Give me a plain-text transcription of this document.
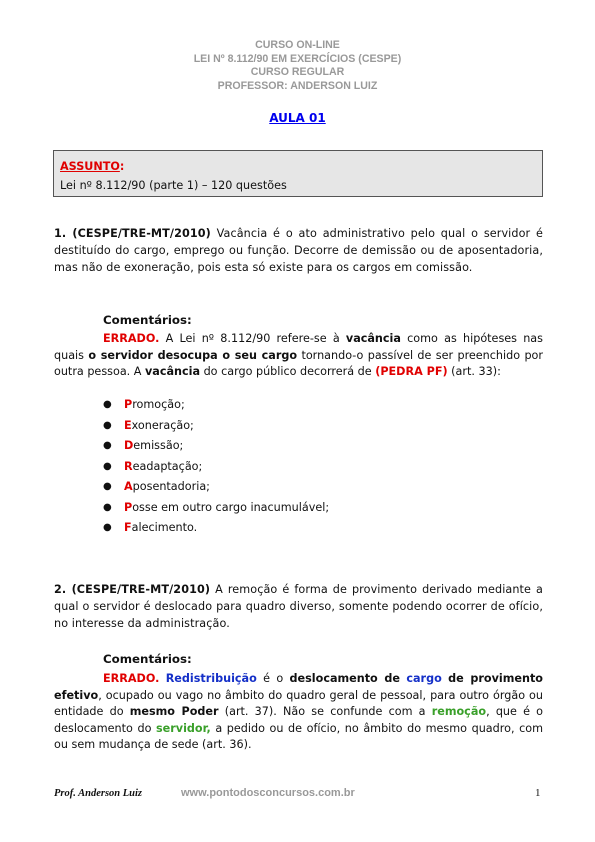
CURSO ON-LINE
LEI Nº 8.112/90 EM EXERCÍCIOS (CESPE)
CURSO REGULAR
PROFESSOR: ANDERSON LUIZ
AULA 01
ASSUNTO:
Lei nº 8.112/90 (parte 1) – 120 questões
1. (CESPE/TRE-MT/2010) Vacância é o ato administrativo pelo qual o servidor é destituído do cargo, emprego ou função. Decorre de demissão ou de aposentadoria, mas não de exoneração, pois esta só existe para os cargos em comissão.
Comentários:
ERRADO. A Lei nº 8.112/90 refere-se à vacância como as hipóteses nas quais o servidor desocupa o seu cargo tornando-o passível de ser preenchido por outra pessoa. A vacância do cargo público decorrerá de (PEDRA PF) (art. 33):
● Promoção;
● Exoneração;
● Demissão;
● Readaptação;
● Aposentadoria;
● Posse em outro cargo inacumulável;
● Falecimento.
2. (CESPE/TRE-MT/2010) A remoção é forma de provimento derivado mediante a qual o servidor é deslocado para quadro diverso, somente podendo ocorrer de ofício, no interesse da administração.
Comentários:
ERRADO. Redistribuição é o deslocamento de cargo de provimento efetivo, ocupado ou vago no âmbito do quadro geral de pessoal, para outro órgão ou entidade do mesmo Poder (art. 37). Não se confunde com a remoção, que é o deslocamento do servidor, a pedido ou de ofício, no âmbito do mesmo quadro, com ou sem mudança de sede (art. 36).
Prof. Anderson Luiz	www.pontodosconcursos.com.br	1
